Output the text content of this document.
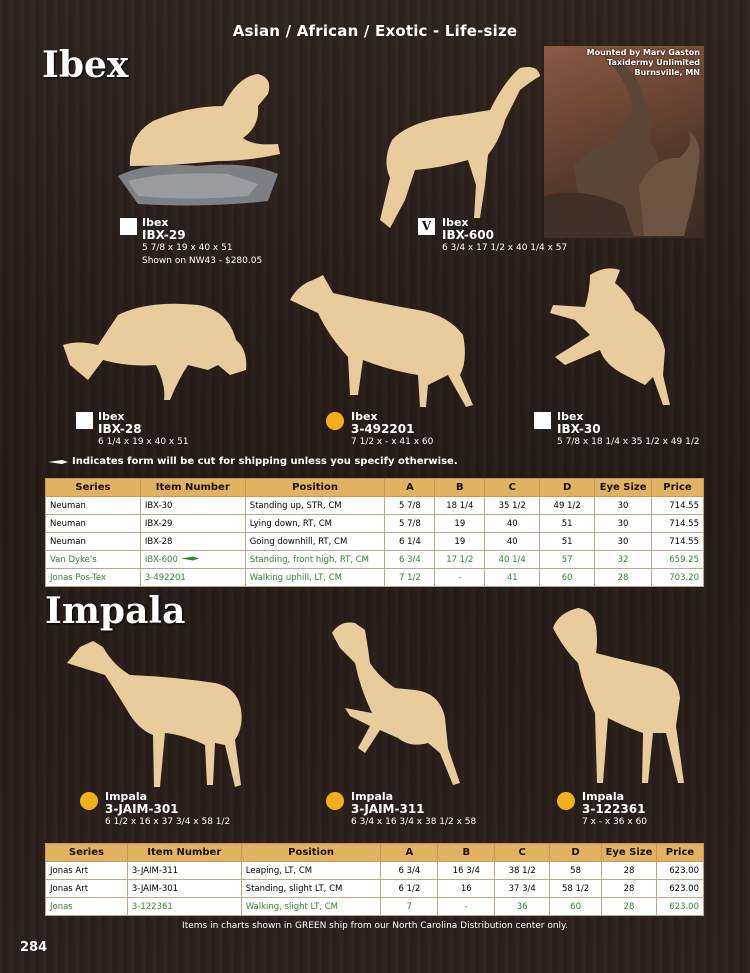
Asian / African / Exotic - Life-size
Ibex	Mounted by Marv Gaston
Taxidermy Unlimited
Burnsville, MN
Ibex
IBX-29
5 7/8 x 19 x 40 x 51
Shown on NW43 - $280.05
V Ibex
IBX-600
6 3/4 x 17 1/2 x 40 1/4 x 57
Ibex
IBX-28
6 1/4 x 19 x 40 x 51
Ibex
3-492201
7 1/2 x - x 41 x 60
Ibex
IBX-30
5 7/8 x 18 1/4 x 35 1/2 x 49 1/2
Indicates form will be cut for shipping unless you specify otherwise.
Series	Item Number	Position	A	B	C	D	Eye Size	Price
Neuman	IBX-30	Standing up, STR, CM	5 7/8	18 1/4	35 1/2	49 1/2	30	714.55
Neuman	IBX-29	Lying down, RT, CM	5 7/8	19	40	51	30	714.55
Neuman	IBX-28	Going downhill, RT, CM	6 1/4	19	40	51	30	714.55
Van Dyke's	IBX-600	Standing, front high, RT, CM	6 3/4	17 1/2	40 1/4	57	32	659.25
Jonas Pos-Tex	3-492201	Walking uphill, LT, CM	7 1/2	-	41	60	28	703.20
Impala
Impala
3-JAIM-301
6 1/2 x 16 x 37 3/4 x 58 1/2
Impala
3-JAIM-311
6 3/4 x 16 3/4 x 38 1/2 x 58
Impala
3-122361
7 x - x 36 x 60
Series	Item Number	Position	A	B	C	D	Eye Size	Price
Jonas Art	3-JAIM-311	Leaping, LT, CM	6 3/4	16 3/4	38 1/2	58	28	623.00
Jonas Art	3-JAIM-301	Standing, slight LT, CM	6 1/2	16	37 3/4	58 1/2	28	623.00
Jonas	3-122361	Walking, slight LT, CM	7	-	36	60	28	623.00
Items in charts shown in GREEN ship from our North Carolina Distribution center only.
284
